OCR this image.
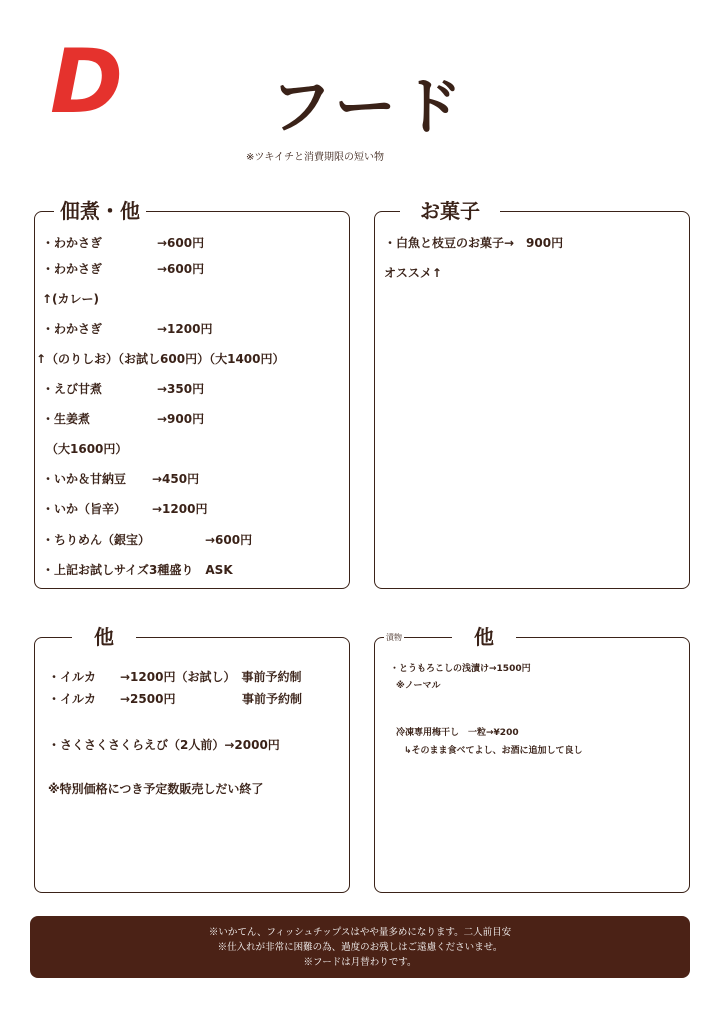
D フード
※ツキイチと消費期限の短い物
佃煮・他
・わかさぎ	→600円
・わかさぎ	→600円
↑(カレー)
・わかさぎ	→1200円
↑（のりしお）（お試し600円）（大1400円）
・えび甘煮	→350円
・生姜煮	→900円
（大1600円）
・いか＆甘納豆 →450円
・いか（旨辛） →1200円
・ちりめん（銀宝）	→600円
・上記お試しサイズ3種盛り　ASK
お菓子
・白魚と枝豆のお菓子→　900円
オススメ↑
他
・イルカ　　→1200円（お試し）　事前予約制
・イルカ　　→2500円	事前予約制
・さくさくさくらえび（2人前）→2000円
※特別価格につき予定数販売しだい終了
漬物	他
・とうもろこしの浅漬け→1500円
※ノーマル
冷凍専用梅干し　一粒→¥200
↳そのまま食べてよし、お酒に追加して良し
※いかてん、フィッシュチップスはやや量多めになります。二人前目安
※仕入れが非常に困難の為、過度のお残しはご遠慮くださいませ。
※フードは月替わりです。
